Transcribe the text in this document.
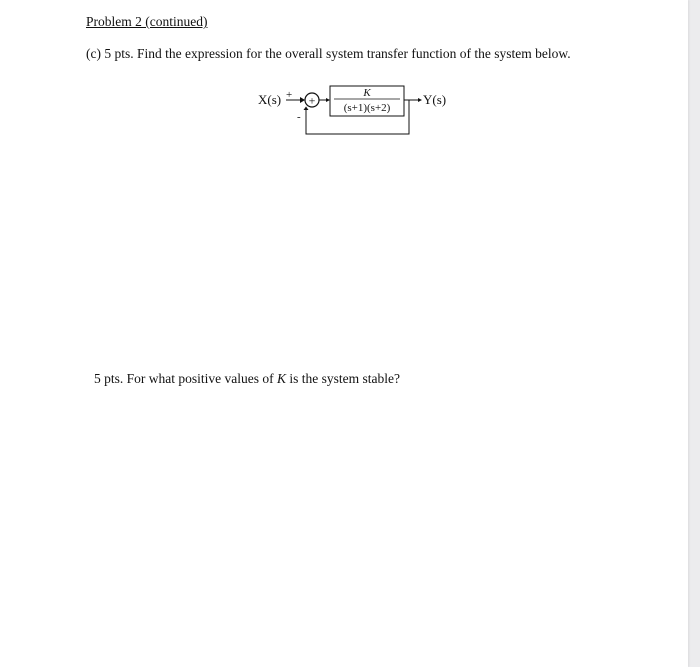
Problem 2 (continued)
(c) 5 pts. Find the expression for the overall system transfer function of the system below.
X(s) + +
K
(s+1)(s+2)
Y(s)
-
5 pts. For what positive values of K is the system stable?
